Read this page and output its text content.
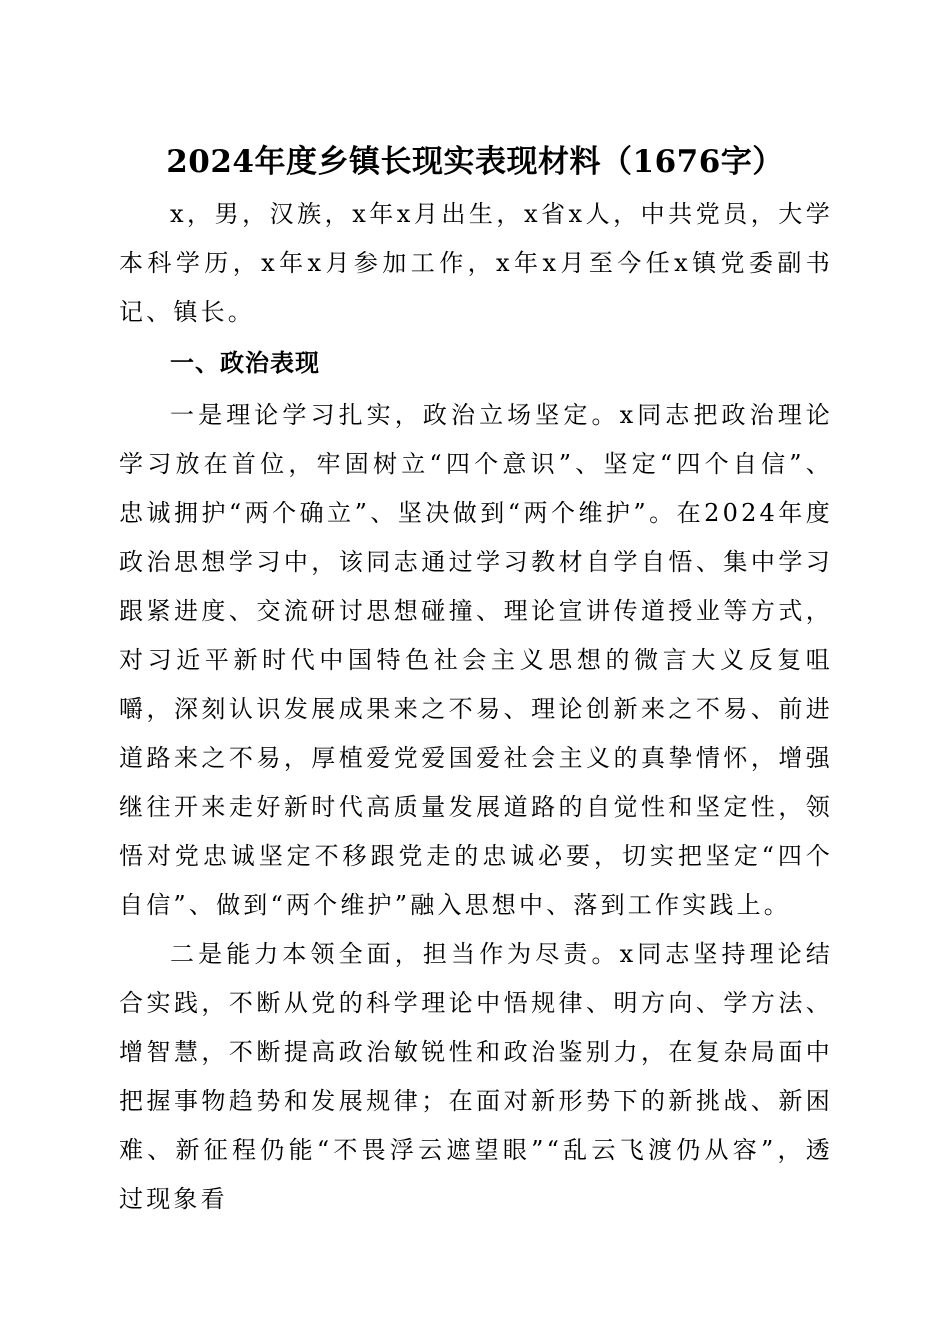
2024年度乡镇长现实表现材料（1676字）

x，男，汉族，x年x月出生，x省x人，中共党员，大学本科学历，x年x月参加工作，x年x月至今任x镇党委副书记、镇长。

一、政治表现

一是理论学习扎实，政治立场坚定。x同志把政治理论学习放在首位，牢固树立“四个意识”、坚定“四个自信”、忠诚拥护“两个确立”、坚决做到“两个维护”。在2024年度政治思想学习中，该同志通过学习教材自学自悟、集中学习跟紧进度、交流研讨思想碰撞、理论宣讲传道授业等方式，对习近平新时代中国特色社会主义思想的微言大义反复咀嚼，深刻认识发展成果来之不易、理论创新来之不易、前进道路来之不易，厚植爱党爱国爱社会主义的真挚情怀，增强继往开来走好新时代高质量发展道路的自觉性和坚定性，领悟对党忠诚坚定不移跟党走的忠诚必要，切实把坚定“四个自信”、做到“两个维护”融入思想中、落到工作实践上。

二是能力本领全面，担当作为尽责。x同志坚持理论结合实践，不断从党的科学理论中悟规律、明方向、学方法、增智慧，不断提高政治敏锐性和政治鉴别力，在复杂局面中把握事物趋势和发展规律；在面对新形势下的新挑战、新困难、新征程仍能“不畏浮云遮望眼”“乱云飞渡仍从容”，透过现象看
